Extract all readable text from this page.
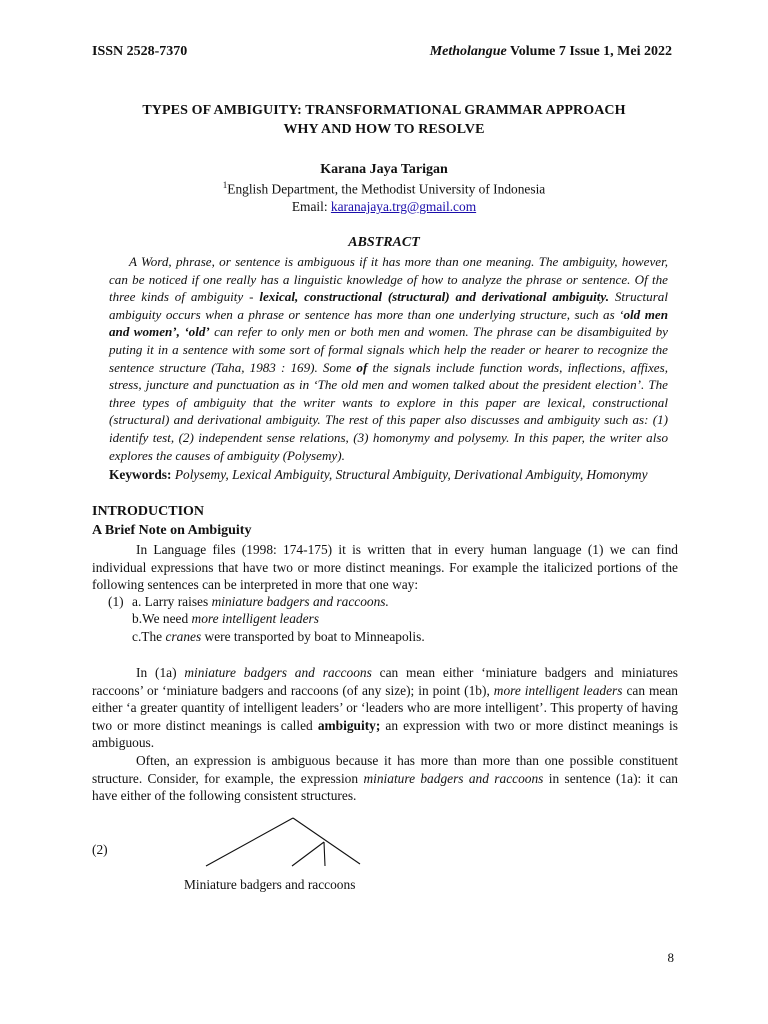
ISSN 2528-7370	Metholangue Volume 7 Issue 1, Mei 2022
TYPES OF AMBIGUITY: TRANSFORMATIONAL GRAMMAR APPROACH
WHY AND HOW TO RESOLVE
Karana Jaya Tarigan
$^1$English Department, the Methodist University of Indonesia
Email: karanajaya.trg@gmail.com
ABSTRACT
A Word, phrase, or sentence is ambiguous if it has more than one meaning. The ambiguity, however, can be noticed if one really has a linguistic knowledge of how to analyze the phrase or sentence. Of the three kinds of ambiguity - lexical, constructional (structural) and derivational ambiguity. Structural ambiguity occurs when a phrase or sentence has more than one underlying structure, such as ‘old men and women’, ‘old’ can refer to only men or both men and women. The phrase can be disambiguited by puting it in a sentence with some sort of formal signals which help the reader or hearer to recognize the sentence structure (Taha, 1983 : 169). Some of the signals include function words, inflections, affixes, stress, juncture and punctuation as in ‘The old men and women talked about the president election’. The three types of ambiguity that the writer wants to explore in this paper are lexical, constructional (structural) and derivational ambiguity. The rest of this paper also discusses and ambiguity such as: (1) identify test, (2) independent sense relations, (3) homonymy and polysemy. In this paper, the writer also explores the causes of ambiguity (Polysemy).
Keywords: Polysemy, Lexical Ambiguity, Structural Ambiguity, Derivational Ambiguity, Homonymy
INTRODUCTION
A Brief Note on Ambiguity
In Language files (1998: 174-175) it is written that in every human language (1) we can find individual expressions that have two or more distinct meanings. For example the italicized portions of the following sentences can be interpreted in more that one way:
(1) a. Larry raises miniature badgers and raccoons.
b.We need more intelligent leaders
c.The cranes were transported by boat to Minneapolis.
In (1a) miniature badgers and raccoons can mean either ‘miniature badgers and miniatures raccoons’ or ‘miniature badgers and raccoons (of any size); in point (1b), more intelligent leaders can mean either ‘a greater quantity of intelligent leaders’ or ‘leaders who are more intelligent’. This property of having two or more distinct meanings is called ambiguity; an expression with two or more distinct meanings is ambiguous.
Often, an expression is ambiguous because it has more than more than one possible constituent structure. Consider, for example, the expression miniature badgers and raccoons in sentence (1a): it can have either of the following consistent structures.
(2)
Miniature badgers and raccoons
8
